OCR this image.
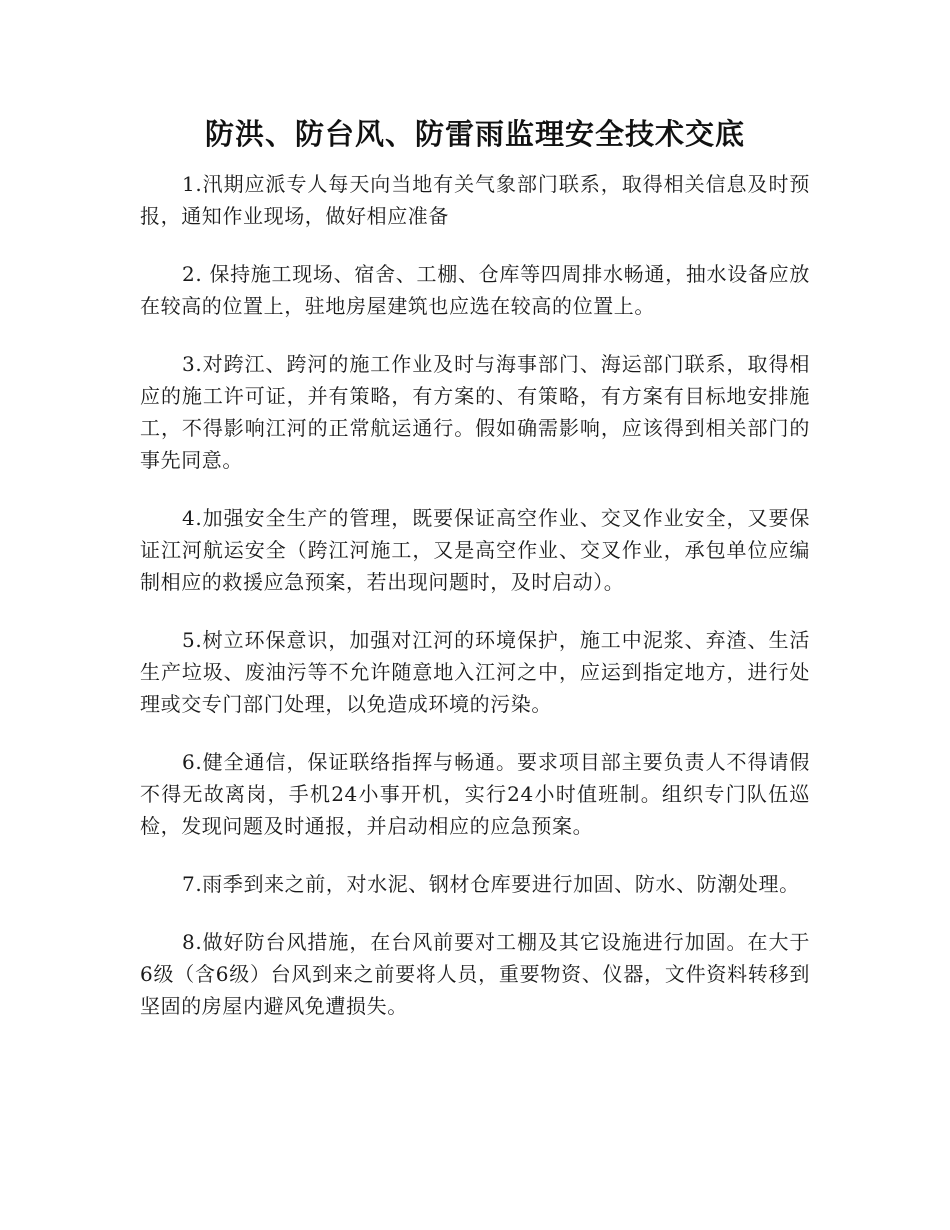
防洪、防台风、防雷雨监理安全技术交底

1.汛期应派专人每天向当地有关气象部门联系，取得相关信息及时预报，通知作业现场，做好相应准备

2. 保持施工现场、宿舍、工棚、仓库等四周排水畅通，抽水设备应放在较高的位置上，驻地房屋建筑也应选在较高的位置上。

3.对跨江、跨河的施工作业及时与海事部门、海运部门联系，取得相应的施工许可证，并有策略，有方案的、有策略，有方案有目标地安排施工，不得影响江河的正常航运通行。假如确需影响，应该得到相关部门的事先同意。

4.加强安全生产的管理，既要保证高空作业、交叉作业安全，又要保证江河航运安全（跨江河施工，又是高空作业、交叉作业，承包单位应编制相应的救援应急预案，若出现问题时，及时启动）。

5.树立环保意识，加强对江河的环境保护，施工中泥浆、弃渣、生活生产垃圾、废油污等不允许随意地入江河之中，应运到指定地方，进行处理或交专门部门处理，以免造成环境的污染。

6.健全通信，保证联络指挥与畅通。要求项目部主要负责人不得请假不得无故离岗，手机24小事开机，实行24小时值班制。组织专门队伍巡检，发现问题及时通报，并启动相应的应急预案。

7.雨季到来之前，对水泥、钢材仓库要进行加固、防水、防潮处理。

8.做好防台风措施，在台风前要对工棚及其它设施进行加固。在大于6级（含6级）台风到来之前要将人员，重要物资、仪器，文件资料转移到坚固的房屋内避风免遭损失。
